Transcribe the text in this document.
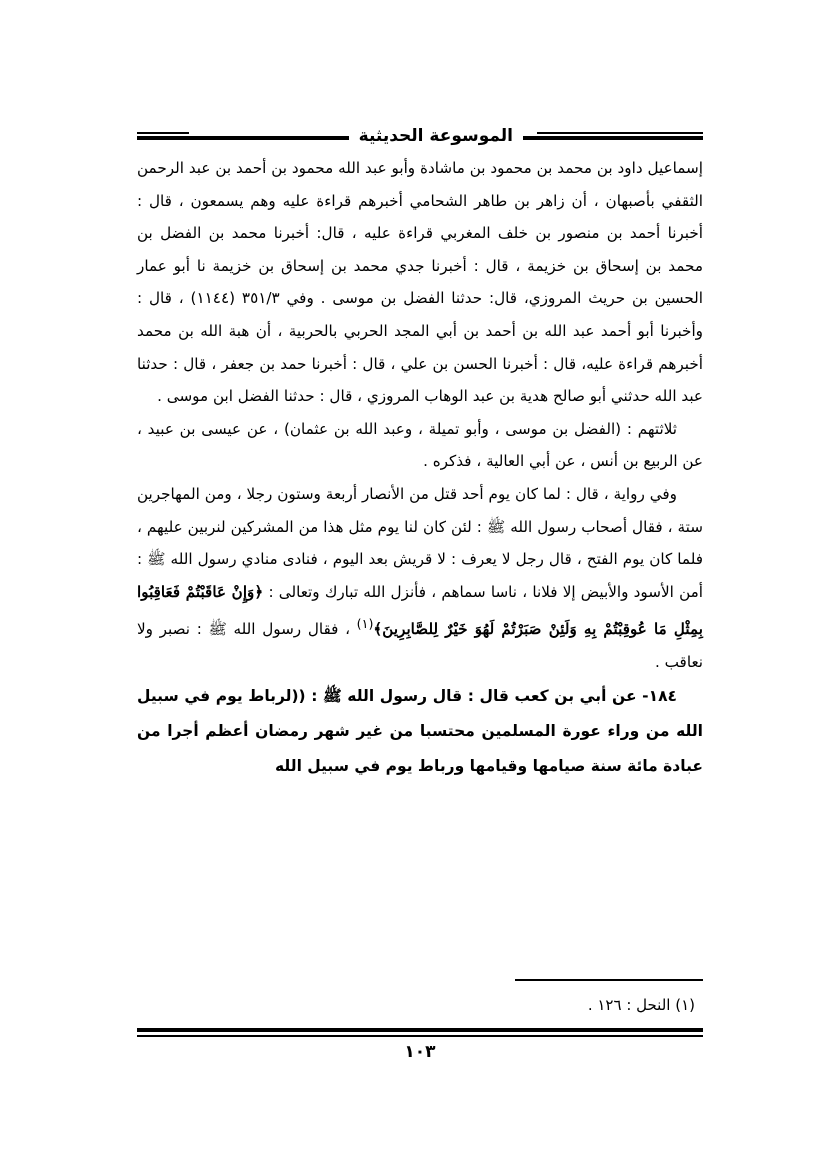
الموسوعة الحديثية

إسماعيل داود بن محمد بن محمود بن ماشادة وأبو عبد الله محمود بن أحمد بن عبد الرحمن الثقفي بأصبهان ، أن زاهر بن طاهر الشحامي أخبرهم قراءة عليه وهم يسمعون ، قال : أخبرنا أحمد بن منصور بن خلف المغربي قراءة عليه ، قال: أخبرنا محمد بن الفضل بن محمد بن إسحاق بن خزيمة ، قال : أخبرنا جدي محمد بن إسحاق بن خزيمة نا أبو عمار الحسين بن حريث المروزي، قال: حدثنا الفضل بن موسى . وفي ٣٥١/٣ (١١٤٤) ، قال : وأخبرنا أبو أحمد عبد الله بن أحمد بن أبي المجد الحربي بالحربية ، أن هبة الله بن محمد أخبرهم قراءة عليه، قال : أخبرنا الحسن بن علي ، قال : أخبرنا حمد بن جعفر ، قال : حدثنا عبد الله حدثني أبو صالح هدية بن عبد الوهاب المروزي ، قال : حدثنا الفضل ابن موسى .

ثلاثتهم : (الفضل بن موسى ، وأبو تميلة ، وعبد الله بن عثمان) ، عن عيسى بن عبيد ، عن الربيع بن أنس ، عن أبي العالية ، فذكره .

وفي رواية ، قال : لما كان يوم أحد قتل من الأنصار أربعة وستون رجلا ، ومن المهاجرين ستة ، فقال أصحاب رسول الله ﷺ : لئن كان لنا يوم مثل هذا من المشركين لنربين عليهم ، فلما كان يوم الفتح ، قال رجل لا يعرف : لا قريش بعد اليوم ، فنادى منادي رسول الله ﷺ : أمن الأسود والأبيض إلا فلانا ، ناسا سماهم ، فأنزل الله تبارك وتعالى : ﴿وَإِنْ عَاقَبْتُمْ فَعَاقِبُوا بِمِثْلِ مَا عُوقِبْتُمْ بِهِ وَلَئِنْ صَبَرْتُمْ لَهُوَ خَيْرٌ لِلصَّابِرِينَ﴾$^{(١)}$ ، فقال رسول الله ﷺ : نصبر ولا نعاقب .

١٨٤- عن أبي بن كعب قال : قال رسول الله ﷺ : ((لرباط يوم في سبيل الله من وراء عورة المسلمين محتسبا من غير شهر رمضان أعظم أجرا من عبادة مائة سنة صيامها وقيامها ورباط يوم في سبيل الله

(١) النحل : ١٢٦ .
١٠٣
